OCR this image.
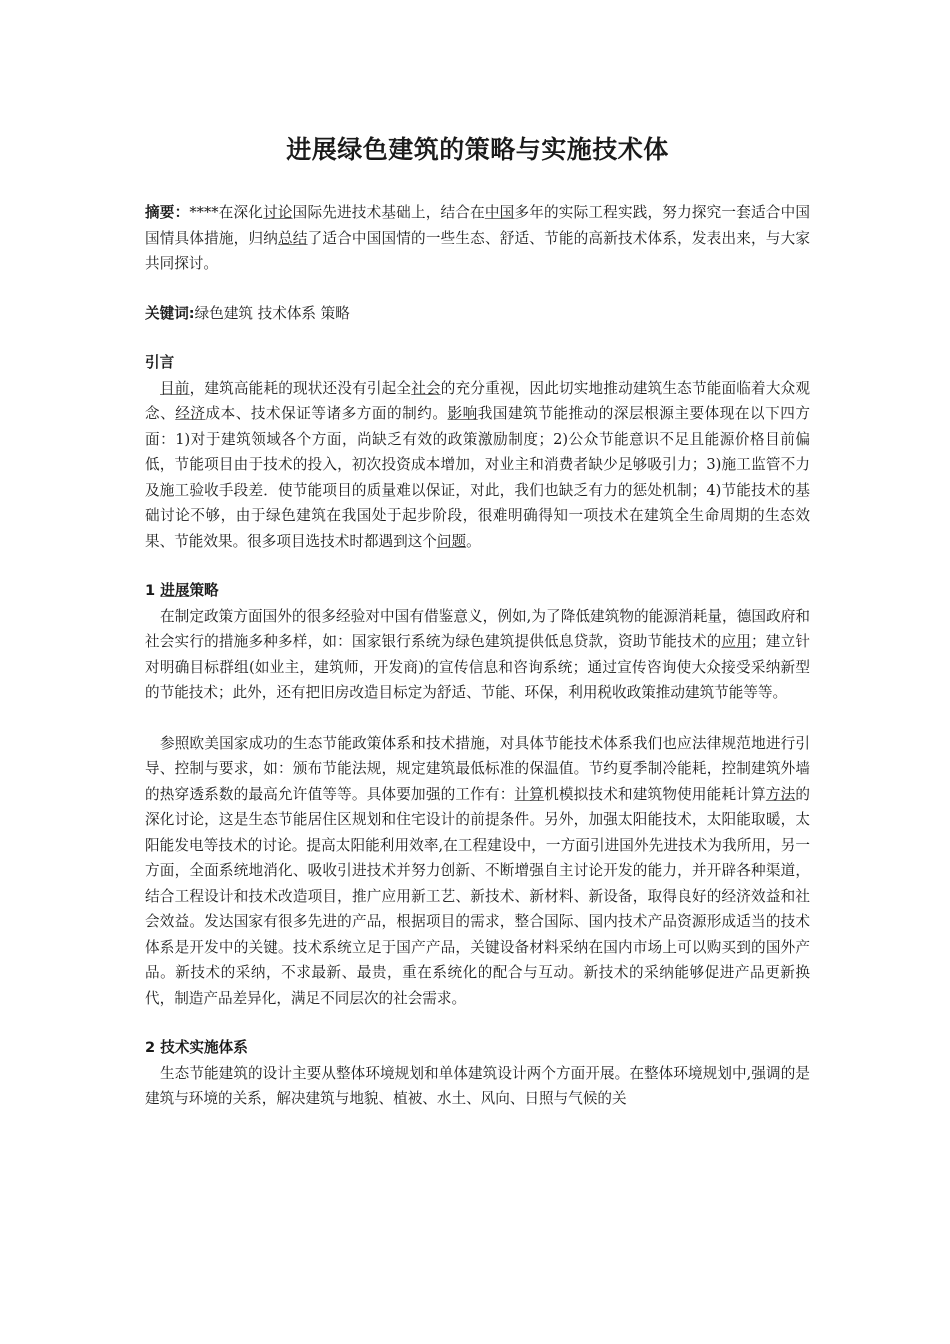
进展绿色建筑的策略与实施技术体

摘要：****在深化讨论国际先进技术基础上，结合在中国多年的实际工程实践，努力探究一套适合中国国情具体措施，归纳总结了适合中国国情的一些生态、舒适、节能的高新技术体系，发表出来，与大家共同探讨。

关键词:绿色建筑 技术体系 策略

引言

目前，建筑高能耗的现状还没有引起全社会的充分重视，因此切实地推动建筑生态节能面临着大众观念、经济成本、技术保证等诸多方面的制约。影响我国建筑节能推动的深层根源主要体现在以下四方面：1)对于建筑领域各个方面，尚缺乏有效的政策激励制度；2)公众节能意识不足且能源价格目前偏低，节能项目由于技术的投入，初次投资成本增加，对业主和消费者缺少足够吸引力；3)施工监管不力及施工验收手段差．使节能项目的质量难以保证，对此，我们也缺乏有力的惩处机制；4)节能技术的基础讨论不够，由于绿色建筑在我国处于起步阶段，很难明确得知一项技术在建筑全生命周期的生态效果、节能效果。很多项目选技术时都遇到这个问题。

1 进展策略

在制定政策方面国外的很多经验对中国有借鉴意义，例如,为了降低建筑物的能源消耗量，德国政府和社会实行的措施多种多样，如：国家银行系统为绿色建筑提供低息贷款，资助节能技术的应用；建立针对明确目标群组(如业主，建筑师，开发商)的宣传信息和咨询系统；通过宣传咨询使大众接受采纳新型的节能技术；此外，还有把旧房改造目标定为舒适、节能、环保，利用税收政策推动建筑节能等等。

参照欧美国家成功的生态节能政策体系和技术措施，对具体节能技术体系我们也应法律规范地进行引导、控制与要求，如：颁布节能法规，规定建筑最低标准的保温值。节约夏季制冷能耗，控制建筑外墙的热穿透系数的最高允许值等等。具体要加强的工作有：计算机模拟技术和建筑物使用能耗计算方法的深化讨论，这是生态节能居住区规划和住宅设计的前提条件。另外，加强太阳能技术，太阳能取暖，太阳能发电等技术的讨论。提高太阳能利用效率,在工程建设中，一方面引进国外先进技术为我所用，另一方面，全面系统地消化、吸收引进技术并努力创新、不断增强自主讨论开发的能力，并开辟各种渠道，结合工程设计和技术改造项目，推广应用新工艺、新技术、新材料、新设备，取得良好的经济效益和社会效益。发达国家有很多先进的产品，根据项目的需求，整合国际、国内技术产品资源形成适当的技术体系是开发中的关键。技术系统立足于国产产品，关键设备材料采纳在国内市场上可以购买到的国外产品。新技术的采纳，不求最新、最贵，重在系统化的配合与互动。新技术的采纳能够促进产品更新换代，制造产品差异化，满足不同层次的社会需求。

2 技术实施体系

生态节能建筑的设计主要从整体环境规划和单体建筑设计两个方面开展。在整体环境规划中,强调的是建筑与环境的关系，解决建筑与地貌、植被、水土、风向、日照与气候的关
